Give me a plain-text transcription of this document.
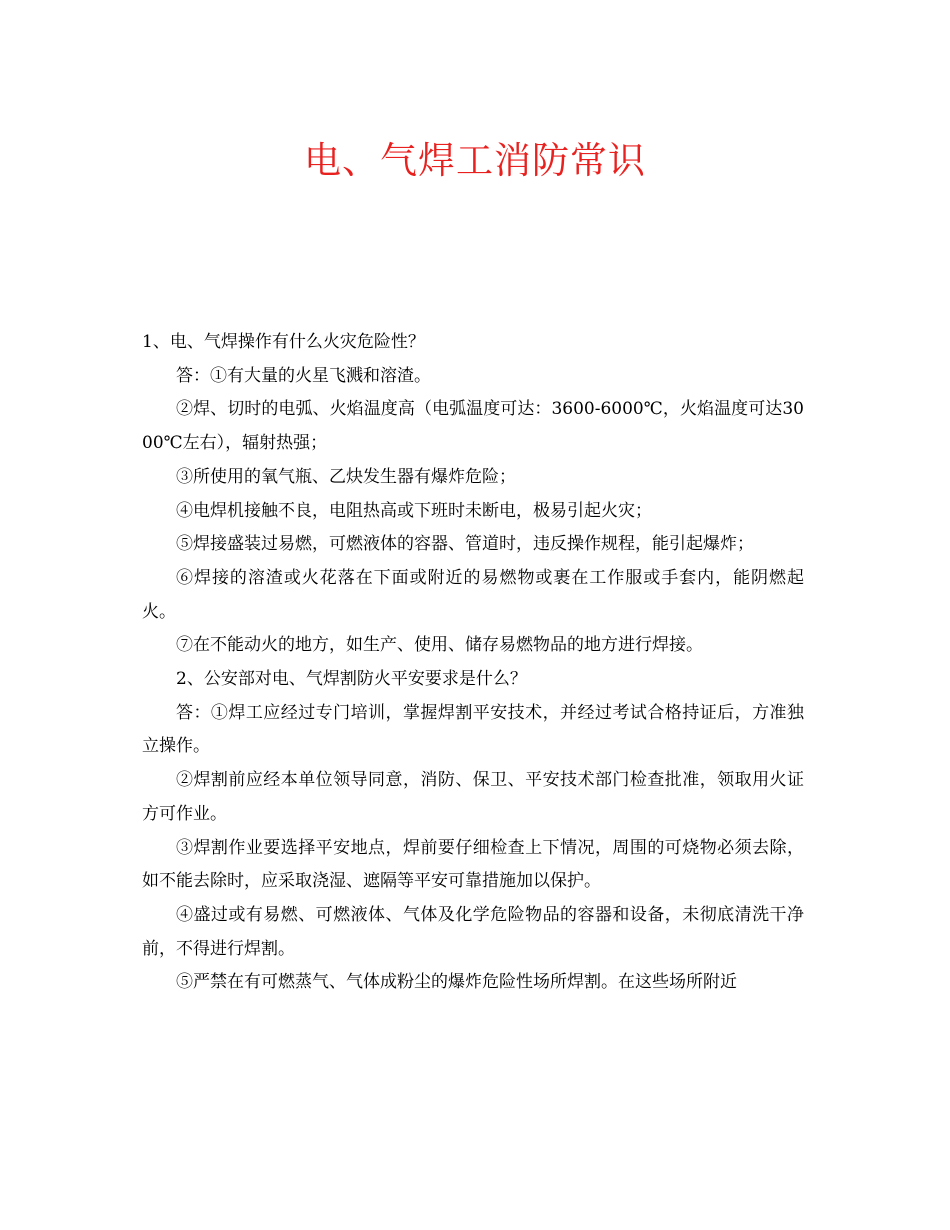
电、气焊工消防常识

1、电、气焊操作有什么火灾危险性？

答：①有大量的火星飞溅和溶渣。

②焊、切时的电弧、火焰温度高（电弧温度可达：3600-6000℃，火焰温度可达3000℃左右），辐射热强；

③所使用的氧气瓶、乙炔发生器有爆炸危险；

④电焊机接触不良，电阻热高或下班时未断电，极易引起火灾；

⑤焊接盛装过易燃，可燃液体的容器、管道时，违反操作规程，能引起爆炸；

⑥焊接的溶渣或火花落在下面或附近的易燃物或裹在工作服或手套内，能阴燃起火。

⑦在不能动火的地方，如生产、使用、储存易燃物品的地方进行焊接。

2、公安部对电、气焊割防火平安要求是什么？

答：①焊工应经过专门培训，掌握焊割平安技术，并经过考试合格持证后，方准独立操作。

②焊割前应经本单位领导同意，消防、保卫、平安技术部门检查批准，领取用火证方可作业。

③焊割作业要选择平安地点，焊前要仔细检查上下情况，周围的可烧物必须去除，如不能去除时，应采取浇湿、遮隔等平安可靠措施加以保护。

④盛过或有易燃、可燃液体、气体及化学危险物品的容器和设备，未彻底清洗干净前，不得进行焊割。

⑤严禁在有可燃蒸气、气体成粉尘的爆炸危险性场所焊割。在这些场所附近
